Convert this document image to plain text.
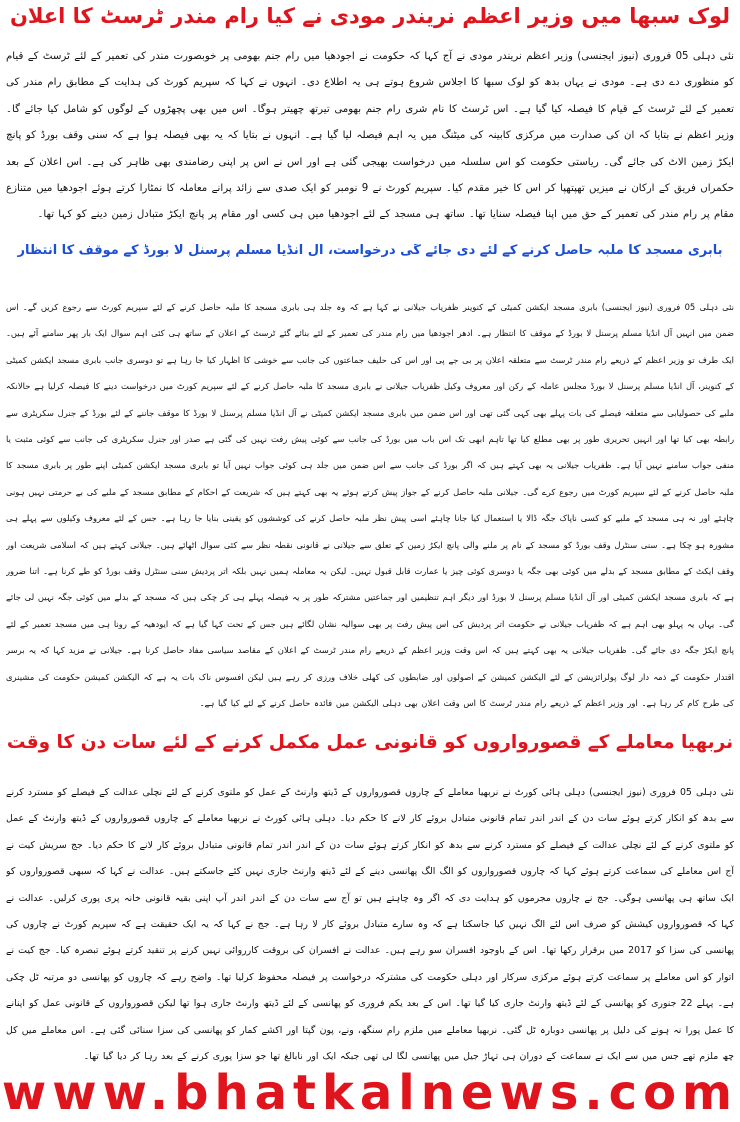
لوک سبھا میں وزیر اعظم نریندر مودی نے کیا رام مندر ٹرسٹ کا اعلان

نئی دہلی 05 فروری (نیوز ایجنسی) وزیر اعظم نریندر مودی نے آج کہا کہ حکومت نے اجودھیا میں رام جنم بھومی پر خوبصورت مندر کی تعمیر کے لئے ٹرسٹ کے قیام کو منظوری دے دی ہے۔ مودی نے یہاں بدھ کو لوک سبھا کا اجلاس شروع ہوتے ہی یہ اطلاع دی۔ انہوں نے کہا کہ سپریم کورٹ کی ہدایت کے مطابق رام مندر کی تعمیر کے لئے ٹرسٹ کے قیام کا فیصلہ کیا گیا ہے۔ اس ٹرسٹ کا نام شری رام جنم بھومی تیرتھ چھیتر ہوگا۔ اس میں بھی پچھڑوں کے لوگوں کو شامل کیا جائے گا۔ وزیر اعظم نے بتایا کہ ان کی صدارت میں مرکزی کابینہ کی میٹنگ میں یہ اہم فیصلہ لیا گیا ہے۔ انہوں نے بتایا کہ یہ بھی فیصلہ ہوا ہے کہ سنی وقف بورڈ کو پانچ ایکڑ زمین الاٹ کی جائے گی۔ ریاستی حکومت کو اس سلسلہ میں درخواست بھیجی گئی ہے اور اس نے اس پر اپنی رضامندی بھی ظاہر کی ہے۔ اس اعلان کے بعد حکمراں فریق کے ارکان نے میزیں تھپتھپا کر اس کا خیر مقدم کیا۔ سپریم کورٹ نے 9 نومبر کو ایک صدی سے زائد پرانے معاملہ کا نمٹارا کرتے ہوئے اجودھیا میں متنازع مقام پر رام مندر کی تعمیر کے حق میں اپنا فیصلہ سنایا تھا۔ ساتھ ہی مسجد کے لئے اجودھیا میں ہی کسی اور مقام پر پانچ ایکڑ متبادل زمین دینے کو کہا تھا۔

بابری مسجد کا ملبہ حاصل کرنے کے لئے دی جائے گی درخواست، آل انڈیا مسلم پرسنل لا بورڈ کے موقف کا انتظار

نئی دہلی 05 فروری (نیوز ایجنسی) بابری مسجد ایکشن کمیٹی کے کنوینر ظفریاب جیلانی نے کہا ہے کہ وہ جلد ہی بابری مسجد کا ملبہ حاصل کرنے کے لئے سپریم کورٹ سے رجوع کریں گے۔ اس ضمن میں انہیں آل انڈیا مسلم پرسنل لا بورڈ کے موقف کا انتظار ہے۔ ادھر اجودھیا میں رام مندر کی تعمیر کے لئے بنائے گئے ٹرسٹ کے اعلان کے ساتھ ہی کئی اہم سوال ایک بار پھر سامنے آئے ہیں۔ ایک طرف تو وزیر اعظم کے ذریعے رام مندر ٹرسٹ سے متعلقہ اعلان پر بی جے پی اور اس کی حلیف جماعتوں کی جانب سے خوشی کا اظہار کیا جا رہا ہے تو دوسری جانب بابری مسجد ایکشن کمیٹی کے کنوینر، آل انڈیا مسلم پرسنل لا بورڈ مجلس عاملہ کے رکن اور معروف وکیل ظفریاب جیلانی نے بابری مسجد کا ملبہ حاصل کرنے کے لئے سپریم کورٹ میں درخواست دینے کا فیصلہ کرلیا ہے حالانکہ ملبے کی حصولیابی سے متعلقہ فیصلے کی بات پہلے بھی کہی گئی تھی اور اس ضمن میں بابری مسجد ایکشن کمیٹی نے آل انڈیا مسلم پرسنل لا بورڈ کا موقف جاننے کے لئے بورڈ کے جنرل سکریٹری سے رابطہ بھی کیا تھا اور انہیں تحریری طور پر بھی مطلع کیا تھا تاہم ابھی تک اس باب میں بورڈ کی جانب سے کوئی پیش رفت نہیں کی گئی ہے صدر اور جنرل سکریٹری کی جانب سے کوئی مثبت یا منفی جواب سامنے نہیں آیا ہے۔ ظفریاب جیلانی یہ بھی کہتے ہیں کہ اگر بورڈ کی جانب سے اس ضمن میں جلد ہی کوئی جواب نہیں آیا تو بابری مسجد ایکشن کمیٹی اپنے طور پر بابری مسجد کا ملبہ حاصل کرنے کے لئے سپریم کورٹ میں رجوع کرے گی۔ جیلانی ملبہ حاصل کرنے کے جواز پیش کرتے ہوئے یہ بھی کہتے ہیں کہ شریعت کے احکام کے مطابق مسجد کے ملبے کی بے حرمتی نہیں ہونی چاہئے اور نہ ہی مسجد کے ملبے کو کسی ناپاک جگہ ڈالا یا استعمال کیا جانا چاہئے اسی پیش نظر ملبہ حاصل کرنے کی کوششوں کو یقینی بنایا جا رہا ہے۔ جس کے لئے معروف وکیلوں سے پہلے ہی مشورہ ہو چکا ہے۔ سنی سنٹرل وقف بورڈ کو مسجد کے نام پر ملنے والی پانچ ایکڑ زمین کے تعلق سے جیلانی نے قانونی نقطہ نظر سے کئی سوال اٹھائے ہیں۔ جیلانی کہتے ہیں کہ اسلامی شریعت اور وقف ایکٹ کے مطابق مسجد کے بدلے میں کوئی بھی جگہ یا دوسری کوئی چیز یا عمارت قابل قبول نہیں۔ لیکن یہ معاملہ ہمیں نہیں بلکہ اتر پردیش سنی سنٹرل وقف بورڈ کو طے کرنا ہے۔ اتنا ضرور ہے کہ بابری مسجد ایکشن کمیٹی اور آل انڈیا مسلم پرسنل لا بورڈ اور دیگر اہم تنظیمیں اور جماعتیں مشترکہ طور پر یہ فیصلہ پہلے ہی کر چکی ہیں کہ مسجد کے بدلے میں کوئی جگہ نہیں لی جائے گی۔ یہاں یہ پہلو بھی اہم ہے کہ ظفریاب جیلانی نے حکومت اتر پردیش کی اس پیش رفت پر بھی سوالیہ نشان لگائے ہیں جس کے تحت کہا گیا ہے کہ ایودھیہ کے رونا ہی میں مسجد تعمیر کے لئے پانچ ایکڑ جگہ دی جائے گی۔ ظفریاب جیلانی یہ بھی کہتے ہیں کہ اس وقت وزیر اعظم کے ذریعے رام مندر ٹرسٹ کے اعلان کے مقاصد سیاسی مفاد حاصل کرنا ہے۔ جیلانی نے مزید کہا کہ یہ برسر اقتدار حکومت کے ذمہ دار لوگ پولرائزیشن کے لئے الیکشن کمیشن کے اصولوں اور ضابطوں کی کھلی خلاف ورزی کر رہے ہیں لیکن افسوس ناک بات یہ ہے کہ الیکشن کمیشن حکومت کی مشینری کی طرح کام کر رہا ہے۔ اور وزیر اعظم کے ذریعے رام مندر ٹرسٹ کا اس وقت اعلان بھی دہلی الیکشن میں فائدہ حاصل کرنے کے لئے کیا گیا ہے۔

نربھیا معاملے کے قصورواروں کو قانونی عمل مکمل کرنے کے لئے سات دن کا وقت

نئی دہلی 05 فروری (نیوز ایجنسی) دہلی ہائی کورٹ نے نربھیا معاملے کے چاروں قصورواروں کے ڈیتھ وارنٹ کے عمل کو ملتوی کرنے کے لئے نچلی عدالت کے فیصلے کو مسترد کرنے سے بدھ کو انکار کرتے ہوئے سات دن کے اندر اندر تمام قانونی متبادل بروئے کار لانے کا حکم دیا۔ دہلی ہائی کورٹ نے نربھیا معاملے کے چاروں قصورواروں کے ڈیتھ وارنٹ کے عمل کو ملتوی کرنے کے لئے نچلی عدالت کے فیصلے کو مسترد کرنے سے بدھ کو انکار کرتے ہوئے سات دن کے اندر اندر تمام قانونی متبادل بروئے کار لانے کا حکم دیا۔ جج سریش کیت نے آج اس معاملے کی سماعت کرتے ہوئے کہا کہ چاروں قصورواروں کو الگ الگ پھانسی دینے کے لئے ڈیتھ وارنٹ جاری نہیں کئے جاسکتے ہیں۔ عدالت نے کہا کہ سبھی قصورواروں کو ایک ساتھ ہی پھانسی ہوگی۔ جج نے چاروں مجرموں کو ہدایت دی کہ اگر وہ چاہتے ہیں تو آج سے سات دن کے اندر اندر آپ اپنی بقیہ قانونی خانہ پری پوری کرلیں۔ عدالت نے کہا کہ قصورواروں کیشش کو صرف اس لئے الگ نہیں کیا جاسکتا ہے کہ وہ سارے متبادل بروئے کار لا رہا ہے۔ جج نے کہا کہ یہ ایک حقیقت ہے کہ سپریم کورٹ نے چاروں کی پھانسی کی سزا کو 2017 میں برقرار رکھا تھا۔ اس کے باوجود افسران سو رہے ہیں۔ عدالت نے افسران کی بروقت کارروائی نہیں کرنے پر تنقید کرتے ہوئے تبصرہ کیا۔ جج کیت نے اتوار کو اس معاملے پر سماعت کرتے ہوئے مرکزی سرکار اور دہلی حکومت کی مشترکہ درخواست پر فیصلہ محفوظ کرلیا تھا۔ واضح رہے کہ چاروں کو پھانسی دو مرتبہ ٹل چکی ہے۔ پہلے 22 جنوری کو پھانسی کے لئے ڈیتھ وارنٹ جاری کیا گیا تھا۔ اس کے بعد یکم فروری کو پھانسی کے لئے ڈیتھ وارنٹ جاری ہوا تھا لیکن قصورواروں کے قانونی عمل کو اپنانے کا عمل پورا نہ ہونے کی دلیل پر پھانسی دوبارہ ٹل گئی۔ نربھیا معاملے میں ملزم رام سنگھ، ونے، پون گپتا اور اکشے کمار کو پھانسی کی سزا سنائی گئی ہے۔ اس معاملے میں کل چھ ملزم تھے جس میں سے ایک نے سماعت کے دوران ہی تہاڑ جیل میں پھانسی لگا لی تھی جبکہ ایک اور نابالغ تھا جو سزا پوری کرنے کے بعد رہا کر دیا گیا تھا۔

www.bhatkalnews.com
